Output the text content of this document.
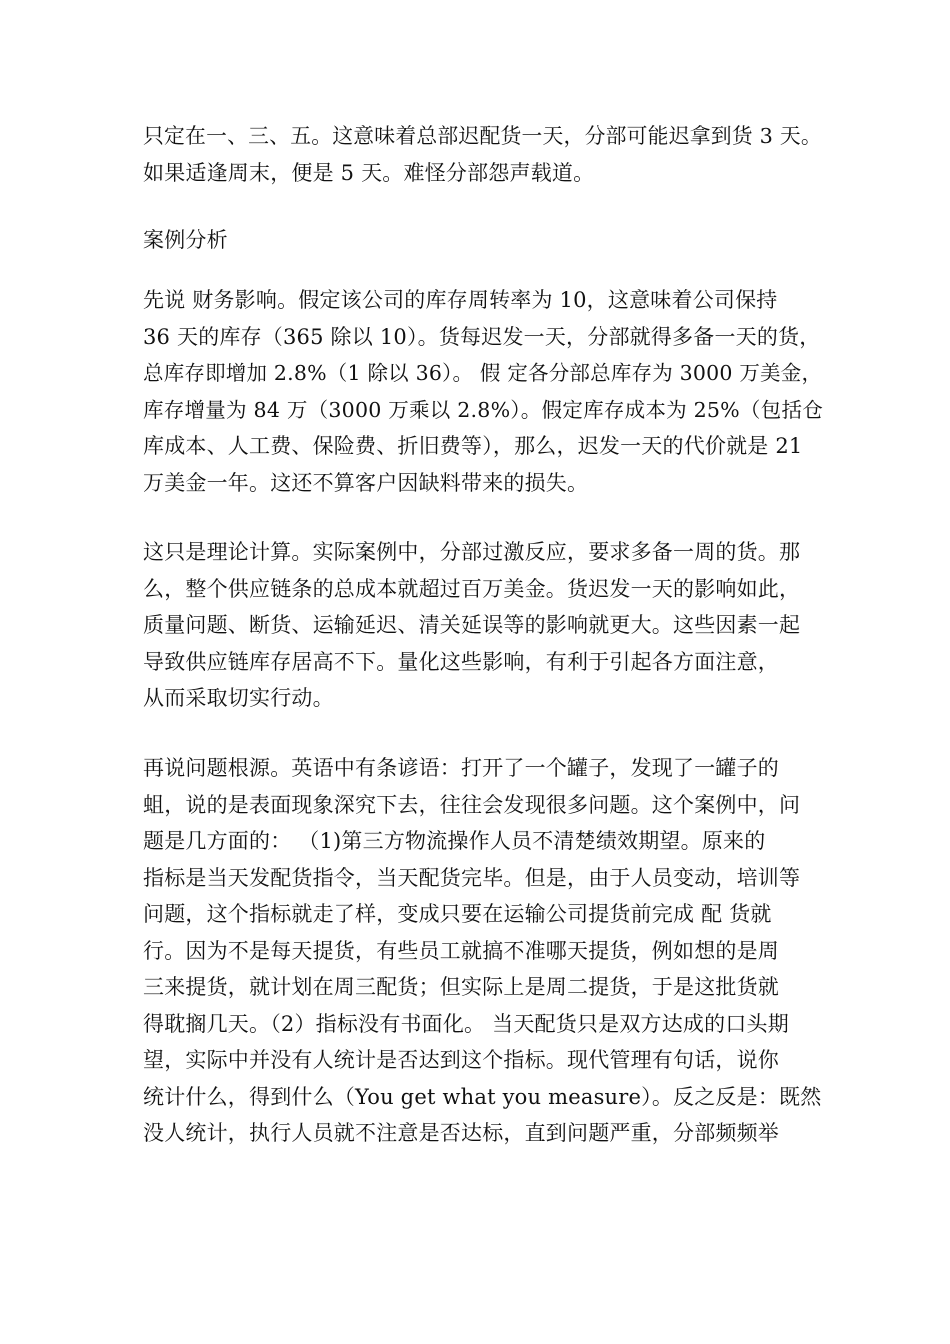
只定在一、三、五。这意味着总部迟配货一天，分部可能迟拿到货 3 天。
如果适逢周末，便是 5 天。难怪分部怨声载道。
案例分析
先说 财务影响。假定该公司的库存周转率为 10，这意味着公司保持
36 天的库存（365 除以 10）。货每迟发一天，分部就得多备一天的货，
总库存即增加 2.8%（1 除以 36）。 假 定各分部总库存为 3000 万美金，
库存增量为 84 万（3000 万乘以 2.8%）。假定库存成本为 25%（包括仓
库成本、人工费、保险费、折旧费等），那么，迟发一天的代价就是 21
万美金一年。这还不算客户因缺料带来的损失。
这只是理论计算。实际案例中，分部过激反应，要求多备一周的货。那
么，整个供应链条的总成本就超过百万美金。货迟发一天的影响如此，
质量问题、断货、运输延迟、清关延误等的影响就更大。这些因素一起
导致供应链库存居高不下。量化这些影响，有利于引起各方面注意，
从而采取切实行动。
再说问题根源。英语中有条谚语：打开了一个罐子，发现了一罐子的
蛆，说的是表面现象深究下去，往往会发现很多问题。这个案例中，问
题是几方面的： （1)第三方物流操作人员不清楚绩效期望。原来的
指标是当天发配货指令，当天配货完毕。但是，由于人员变动，培训等
问题，这个指标就走了样，变成只要在运输公司提货前完成 配 货就
行。因为不是每天提货，有些员工就搞不准哪天提货，例如想的是周
三来提货，就计划在周三配货；但实际上是周二提货，于是这批货就
得耽搁几天。（2）指标没有书面化。 当天配货只是双方达成的口头期
望，实际中并没有人统计是否达到这个指标。现代管理有句话，说你
统计什么，得到什么（You get what you measure）。反之反是：既然
没人统计，执行人员就不注意是否达标，直到问题严重，分部频频举
